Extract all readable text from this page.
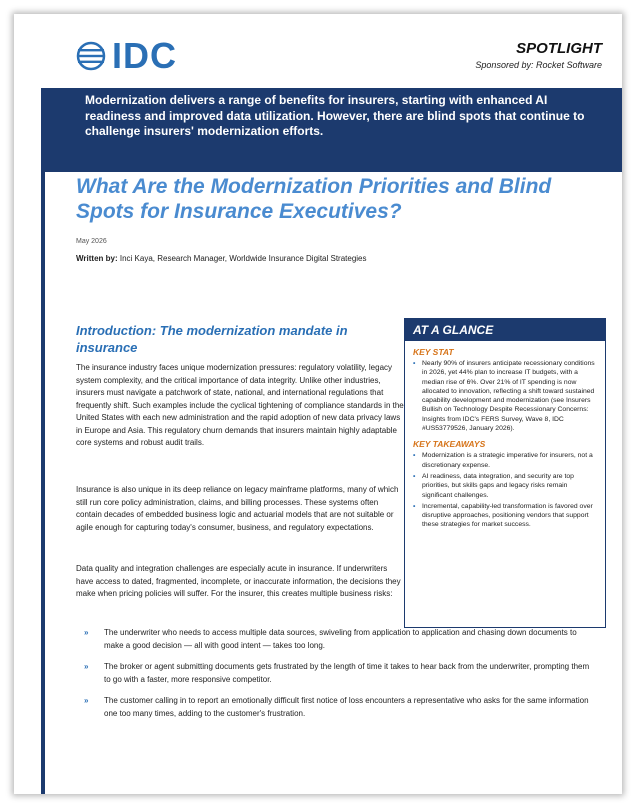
IDC	SPOTLIGHT
Sponsored by: Rocket Software
Modernization delivers a range of benefits for insurers, starting with enhanced AI readiness and improved data utilization. However, there are blind spots that continue to challenge insurers' modernization efforts.
What Are the Modernization Priorities and Blind Spots for Insurance Executives?
May 2026
Written by: Inci Kaya, Research Manager, Worldwide Insurance Digital Strategies
Introduction: The modernization mandate in insurance
The insurance industry faces unique modernization pressures: regulatory volatility, legacy system complexity, and the critical importance of data integrity. Unlike other industries, insurers must navigate a patchwork of state, national, and international regulations that frequently shift. Such examples include the cyclical tightening of compliance standards in the United States with each new administration and the rapid adoption of new data privacy laws in Europe and Asia. This regulatory churn demands that insurers maintain highly adaptable core systems and robust audit trails.
Insurance is also unique in its deep reliance on legacy mainframe platforms, many of which still run core policy administration, claims, and billing processes. These systems often contain decades of embedded business logic and actuarial models that are not suitable or agile enough for capturing today's consumer, business, and regulatory expectations.
Data quality and integration challenges are especially acute in insurance. If underwriters have access to dated, fragmented, incomplete, or inaccurate information, the decisions they make when pricing policies will suffer. For the insurer, this creates multiple business risks:
AT A GLANCE
KEY STAT
• Nearly 90% of insurers anticipate recessionary conditions in 2026, yet 44% plan to increase IT budgets, with a median rise of 6%. Over 21% of IT spending is now allocated to innovation, reflecting a shift toward sustained capability development and modernization (see Insurers Bullish on Technology Despite Recessionary Concerns: Insights from IDC's FERS Survey, Wave 8, IDC #US53779526, January 2026).
KEY TAKEAWAYS
• Modernization is a strategic imperative for insurers, not a discretionary expense.
• AI readiness, data integration, and security are top priorities, but skills gaps and legacy risks remain significant challenges.
• Incremental, capability-led transformation is favored over disruptive approaches, positioning vendors that support these strategies for market success.
» The underwriter who needs to access multiple data sources, swiveling from application to application and chasing down documents to make a good decision — all with good intent — takes too long.
» The broker or agent submitting documents gets frustrated by the length of time it takes to hear back from the underwriter, prompting them to go with a faster, more responsive competitor.
» The customer calling in to report an emotionally difficult first notice of loss encounters a representative who asks for the same information one too many times, adding to the customer's frustration.
